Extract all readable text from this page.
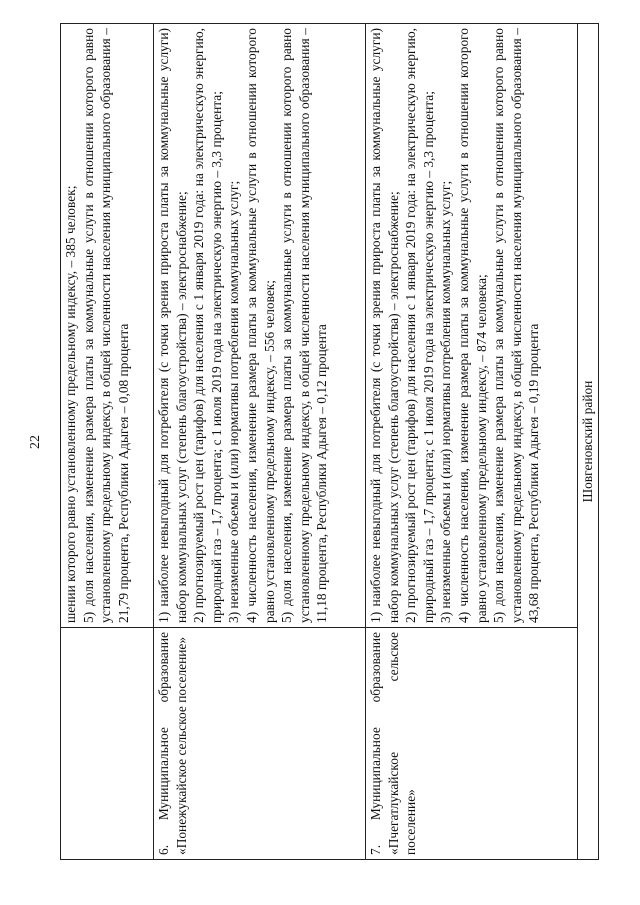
22

	шении которого равно установленному предельному индексу, – 385 человек; 5) доля населения, изменение размера платы за коммунальные услуги в отношении которого равно установленному предельному индексу, в общей численности населения муниципального образования – 21,79 процента, Республики Адыгея – 0,08 процента

6. Муниципальное образование «Понежукайское сельское поселение»	1) наиболее невыгодный для потребителя (с точки зрения прироста платы за коммунальные услуги) набор коммунальных услуг (степень благоустройства) – электроснабжение; 2) прогнозируемый рост цен (тарифов) для населения с 1 января 2019 года: на электрическую энергию, природный газ – 1,7 процента; с 1 июля 2019 года на электрическую энергию – 3,3 процента; 3) неизменные объемы и (или) нормативы потребления коммунальных услуг; 4) численность населения, изменение размера платы за коммунальные услуги в отношении которого равно установленному предельному индексу, – 556 человек; 5) доля населения, изменение размера платы за коммунальные услуги в отношении которого равно установленному предельному индексу, в общей численности населения муниципального образования – 11,18 процента, Республики Адыгея – 0,12 процента

7. Муниципальное образование «Пчегатлукайское сельское поселение»	1) наиболее невыгодный для потребителя (с точки зрения прироста платы за коммунальные услуги) набор коммунальных услуг (степень благоустройства) – электроснабжение; 2) прогнозируемый рост цен (тарифов) для населения с 1 января 2019 года: на электрическую энергию, природный газ – 1,7 процента; с 1 июля 2019 года на электрическую энергию – 3,3 процента; 3) неизменные объемы и (или) нормативы потребления коммунальных услуг; 4) численность населения, изменение размера платы за коммунальные услуги в отношении которого равно установленному предельному индексу, – 874 человека; 5) доля населения, изменение размера платы за коммунальные услуги в отношении которого равно установленному предельному индексу, в общей численности населения муниципального образования – 43,68 процента, Республики Адыгея – 0,19 процента

Шовгеновский район	
